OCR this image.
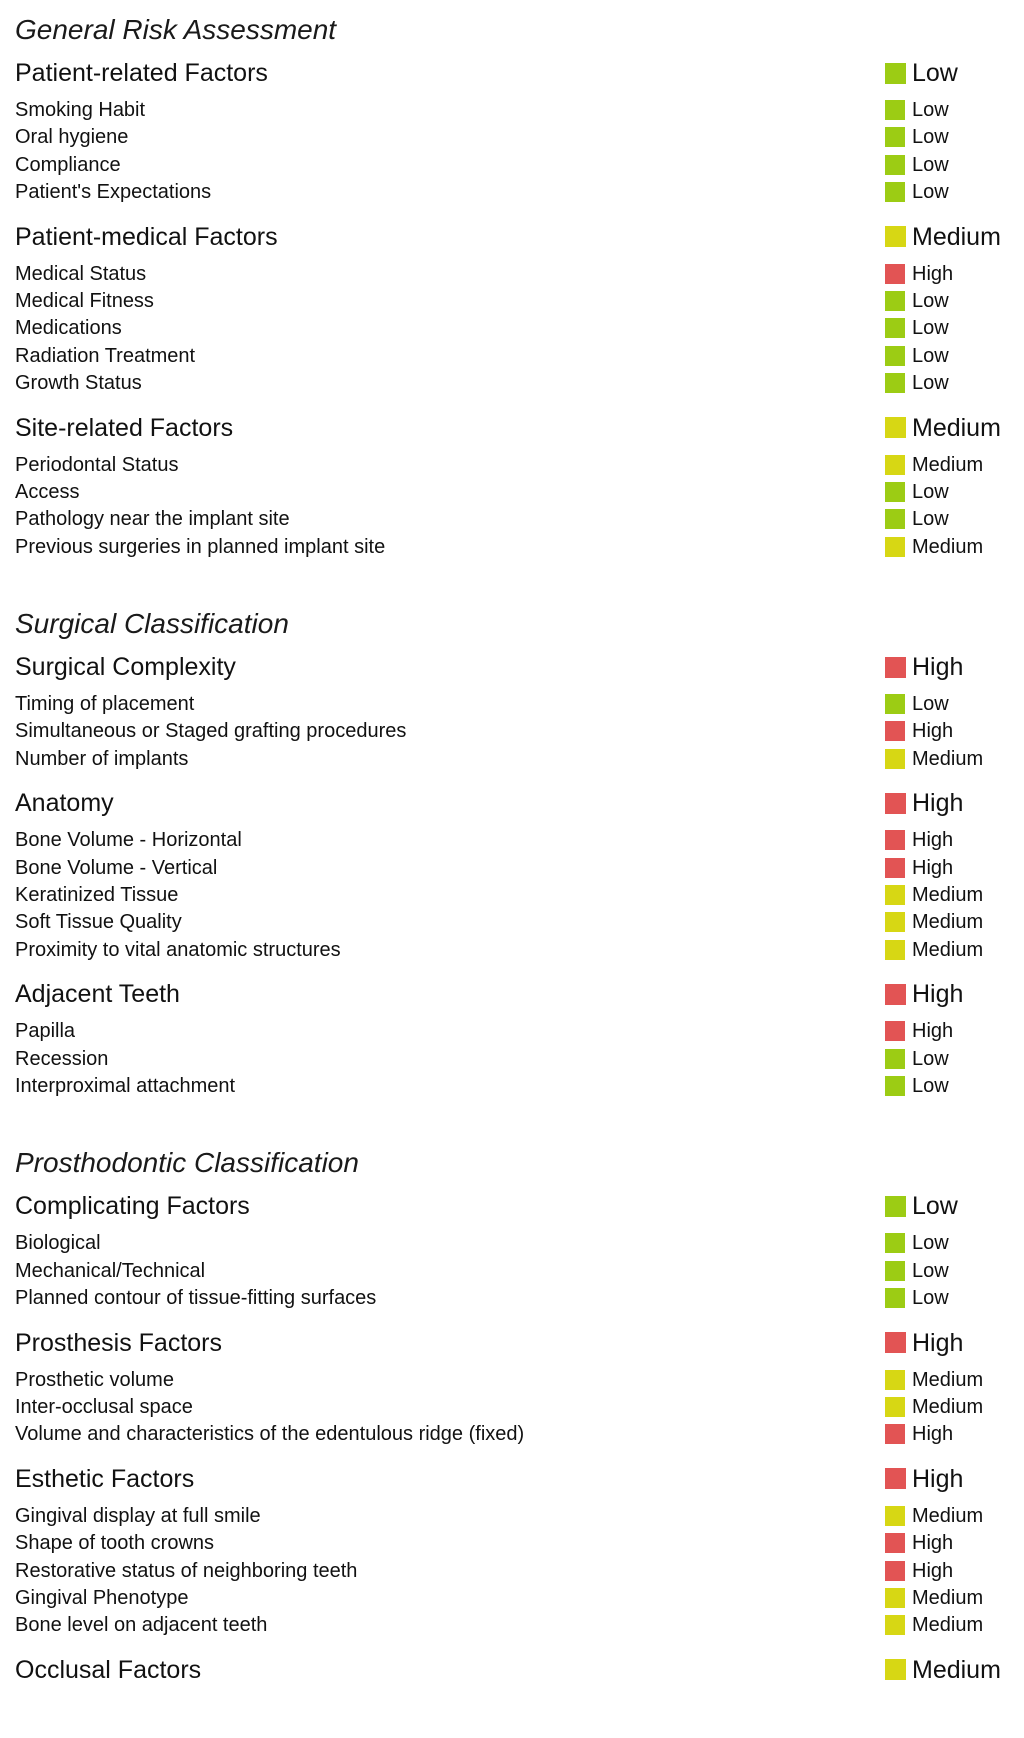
General Risk Assessment
Patient-related Factors	Low
Smoking Habit	Low
Oral hygiene	Low
Compliance	Low
Patient's Expectations	Low
Patient-medical Factors	Medium
Medical Status	High
Medical Fitness	Low
Medications	Low
Radiation Treatment	Low
Growth Status	Low
Site-related Factors	Medium
Periodontal Status	Medium
Access	Low
Pathology near the implant site	Low
Previous surgeries in planned implant site	Medium
Surgical Classification
Surgical Complexity	High
Timing of placement	Low
Simultaneous or Staged grafting procedures	High
Number of implants	Medium
Anatomy	High
Bone Volume - Horizontal	High
Bone Volume - Vertical	High
Keratinized Tissue	Medium
Soft Tissue Quality	Medium
Proximity to vital anatomic structures	Medium
Adjacent Teeth	High
Papilla	High
Recession	Low
Interproximal attachment	Low
Prosthodontic Classification
Complicating Factors	Low
Biological	Low
Mechanical/Technical	Low
Planned contour of tissue-fitting surfaces	Low
Prosthesis Factors	High
Prosthetic volume	Medium
Inter-occlusal space	Medium
Volume and characteristics of the edentulous ridge (fixed)	High
Esthetic Factors	High
Gingival display at full smile	Medium
Shape of tooth crowns	High
Restorative status of neighboring teeth	High
Gingival Phenotype	Medium
Bone level on adjacent teeth	Medium
Occlusal Factors	Medium
